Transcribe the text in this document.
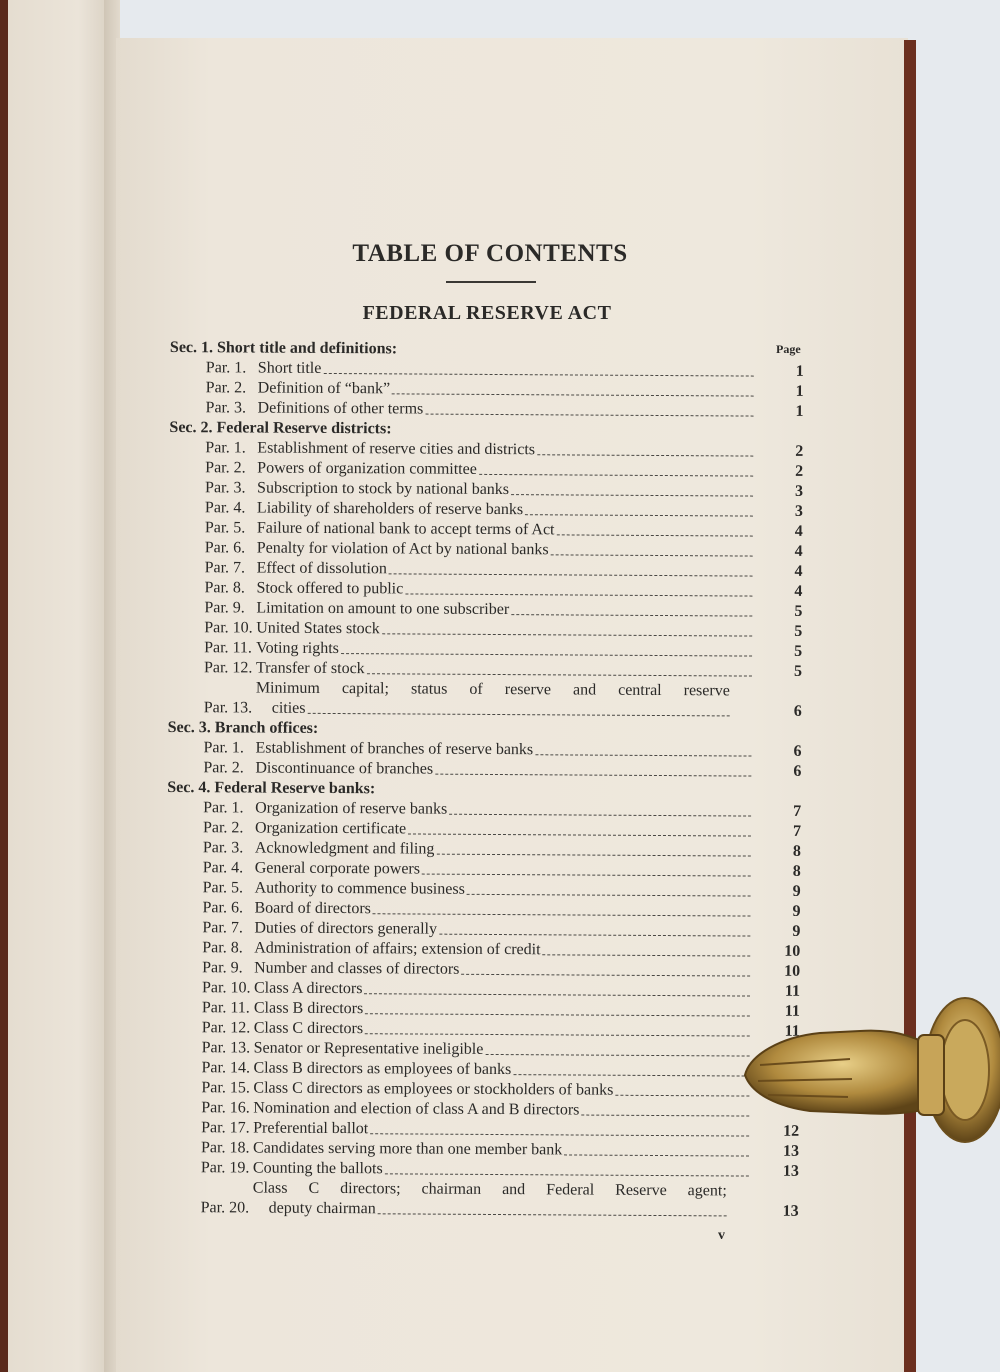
TABLE OF CONTENTS
FEDERAL RESERVE ACT
Page
Sec. 1. Short title and definitions:
Par. 1. Short title	1
Par. 2. Definition of “bank”	1
Par. 3. Definitions of other terms	1
Sec. 2. Federal Reserve districts:
Par. 1. Establishment of reserve cities and districts	2
Par. 2. Powers of organization committee	2
Par. 3. Subscription to stock by national banks	3
Par. 4. Liability of shareholders of reserve banks	3
Par. 5. Failure of national bank to accept terms of Act	4
Par. 6. Penalty for violation of Act by national banks	4
Par. 7. Effect of dissolution	4
Par. 8. Stock offered to public	4
Par. 9. Limitation on amount to one subscriber	5
Par. 10. United States stock	5
Par. 11. Voting rights	5
Par. 12. Transfer of stock	5
Par. 13.
Minimum capital; status of reserve and central reserve
cities	6
Sec. 3. Branch offices:
Par. 1. Establishment of branches of reserve banks	6
Par. 2. Discontinuance of branches	6
Sec. 4. Federal Reserve banks:
Par. 1. Organization of reserve banks	7
Par. 2. Organization certificate	7
Par. 3. Acknowledgment and filing	8
Par. 4. General corporate powers	8
Par. 5. Authority to commence business	9
Par. 6. Board of directors	9
Par. 7. Duties of directors generally	9
Par. 8. Administration of affairs; extension of credit	10
Par. 9. Number and classes of directors	10
Par. 10. Class A directors	11
Par. 11. Class B directors	11
Par. 12. Class C directors	11
Par. 13. Senator or Representative ineligible
Par. 14. Class B directors as employees of banks
Par. 15. Class C directors as employees or stockholders of banks
Par. 16. Nomination and election of class A and B directors
Par. 17. Preferential ballot	12
Par. 18. Candidates serving more than one member bank	13
Par. 19. Counting the ballots	13
Par. 20.
Class C directors; chairman and Federal Reserve agent;
deputy chairman	13
v
